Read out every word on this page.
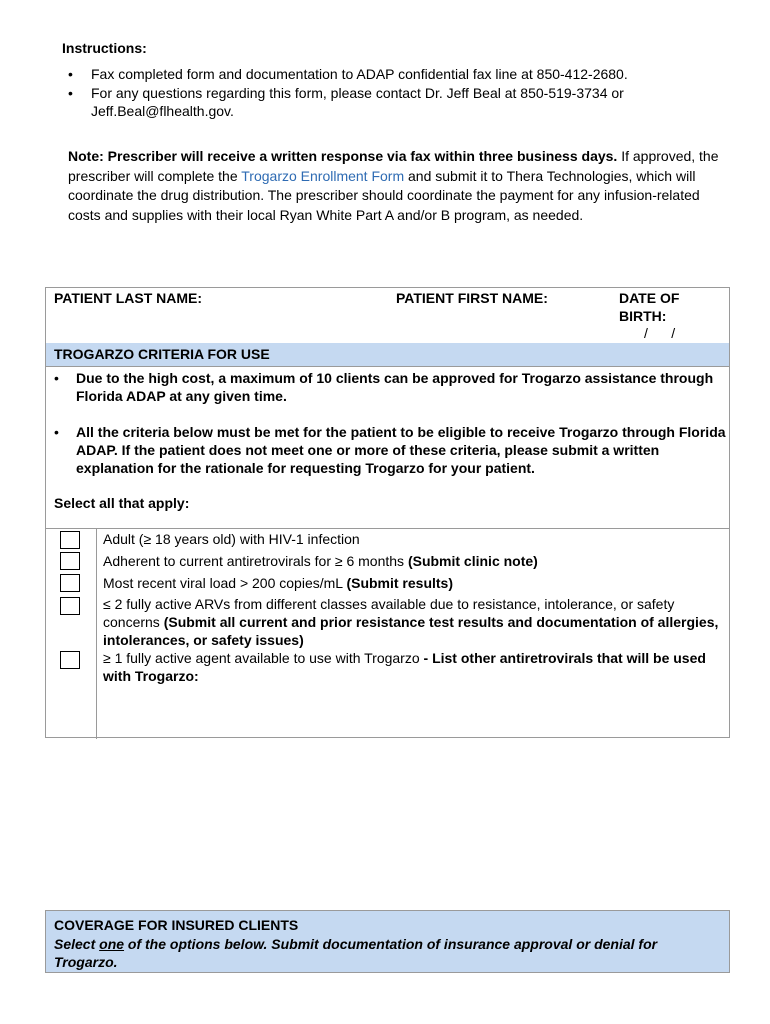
Instructions:
• Fax completed form and documentation to ADAP confidential fax line at 850-412-2680.
• For any questions regarding this form, please contact Dr. Jeff Beal at 850-519-3734 or Jeff.Beal@flhealth.gov.
Note: Prescriber will receive a written response via fax within three business days. If approved, the prescriber will complete the Trogarzo Enrollment Form and submit it to Thera Technologies, which will coordinate the drug distribution. The prescriber should coordinate the payment for any infusion-related costs and supplies with their local Ryan White Part A and/or B program, as needed.
PATIENT LAST NAME:	PATIENT FIRST NAME:	DATE OF
BIRTH:
/      /
TROGARZO CRITERIA FOR USE
• Due to the high cost, a maximum of 10 clients can be approved for Trogarzo assistance through Florida ADAP at any given time.
• All the criteria below must be met for the patient to be eligible to receive Trogarzo through Florida ADAP. If the patient does not meet one or more of these criteria, please submit a written explanation for the rationale for requesting Trogarzo for your patient.
Select all that apply:
Adult (≥ 18 years old) with HIV-1 infection
Adherent to current antiretrovirals for ≥ 6 months (Submit clinic note)
Most recent viral load > 200 copies/mL (Submit results)
≤ 2 fully active ARVs from different classes available due to resistance, intolerance, or safety concerns (Submit all current and prior resistance test results and documentation of allergies, intolerances, or safety issues)
≥ 1 fully active agent available to use with Trogarzo - List other antiretrovirals that will be used with Trogarzo:
COVERAGE FOR INSURED CLIENTS
Select one of the options below. Submit documentation of insurance approval or denial for Trogarzo.
